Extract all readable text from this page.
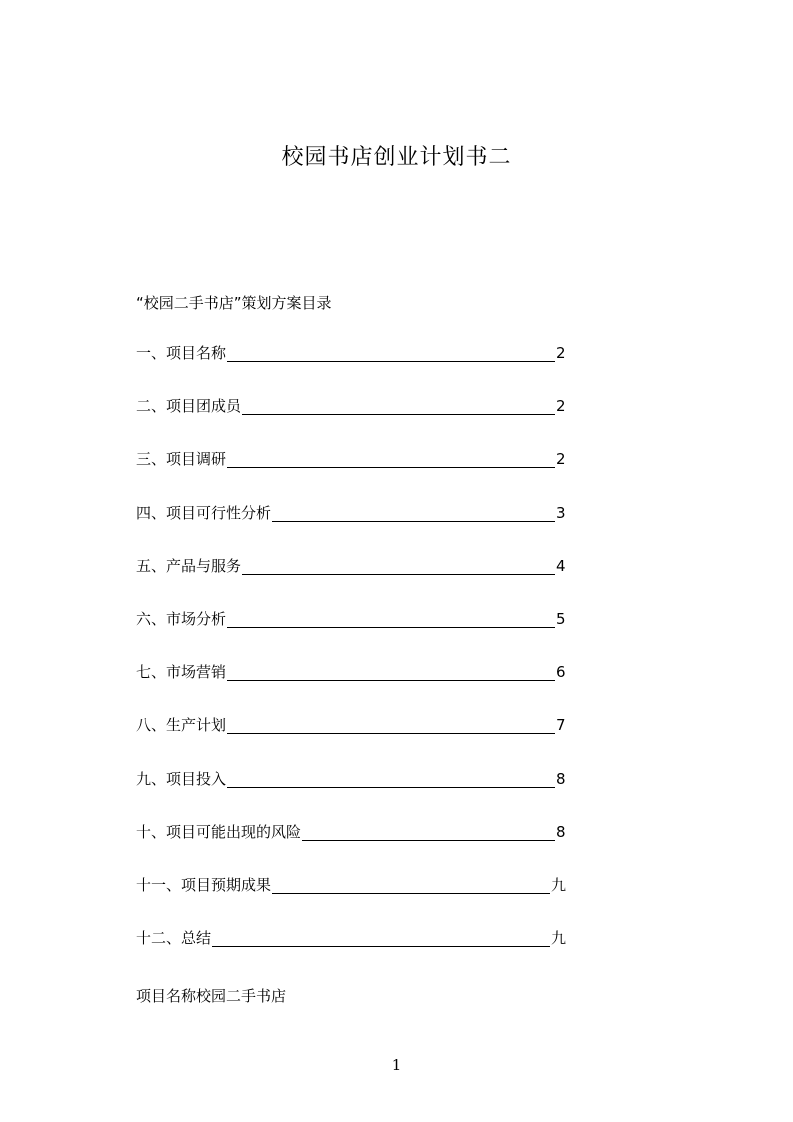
校园书店创业计划书二
“校园二手书店”策划方案目录
一、项目名称	2
二、项目团成员	2
三、项目调研	2
四、项目可行性分析	3
五、产品与服务	4
六、市场分析	5
七、市场营销	6
八、生产计划	7
九、项目投入	8
十、项目可能出现的风险	8
十一、项目预期成果	九
十二、总结	九
项目名称校园二手书店
1
